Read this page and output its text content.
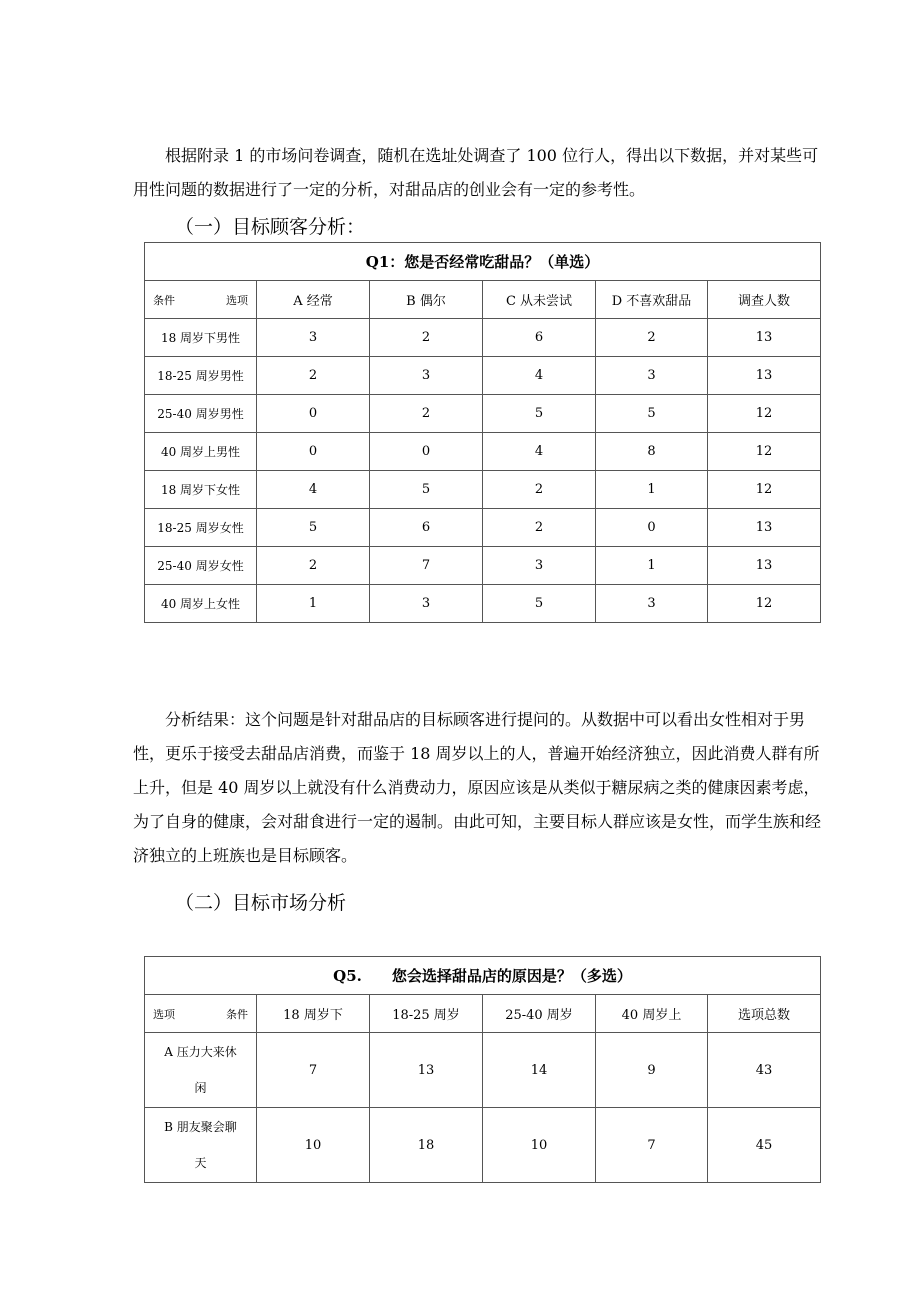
根据附录 1 的市场问卷调查，随机在选址处调查了 100 位行人，得出以下数据，并对某些可用性问题的数据进行了一定的分析，对甜品店的创业会有一定的参考性。

（一）目标顾客分析：

Q1：您是否经常吃甜品？（单选）					

条件 选项	A 经常	B 偶尔	C 从未尝试	D 不喜欢甜品	调查人数
18 周岁下男性	3	2	6	2	13
18-25 周岁男性	2	3	4	3	13
25-40 周岁男性	0	2	5	5	12
40 周岁上男性	0	0	4	8	12
18 周岁下女性	4	5	2	1	12
18-25 周岁女性	5	6	2	0	13
25-40 周岁女性	2	7	3	1	13
40 周岁上女性	1	3	5	3	12

分析结果：这个问题是针对甜品店的目标顾客进行提问的。从数据中可以看出女性相对于男性，更乐于接受去甜品店消费，而鉴于 18 周岁以上的人，普遍开始经济独立，因此消费人群有所上升，但是 40 周岁以上就没有什么消费动力，原因应该是从类似于糖尿病之类的健康因素考虑，为了自身的健康，会对甜食进行一定的遏制。由此可知，主要目标人群应该是女性，而学生族和经济独立的上班族也是目标顾客。

（二）目标市场分析

Q5.　　您会选择甜品店的原因是？（多选）					

选项 条件	18 周岁下	18-25 周岁	25-40 周岁	40 周岁上	选项总数

A 压力大来休
闲	7	13	14	9	43

B 朋友聚会聊
天	10	18	10	7	45
